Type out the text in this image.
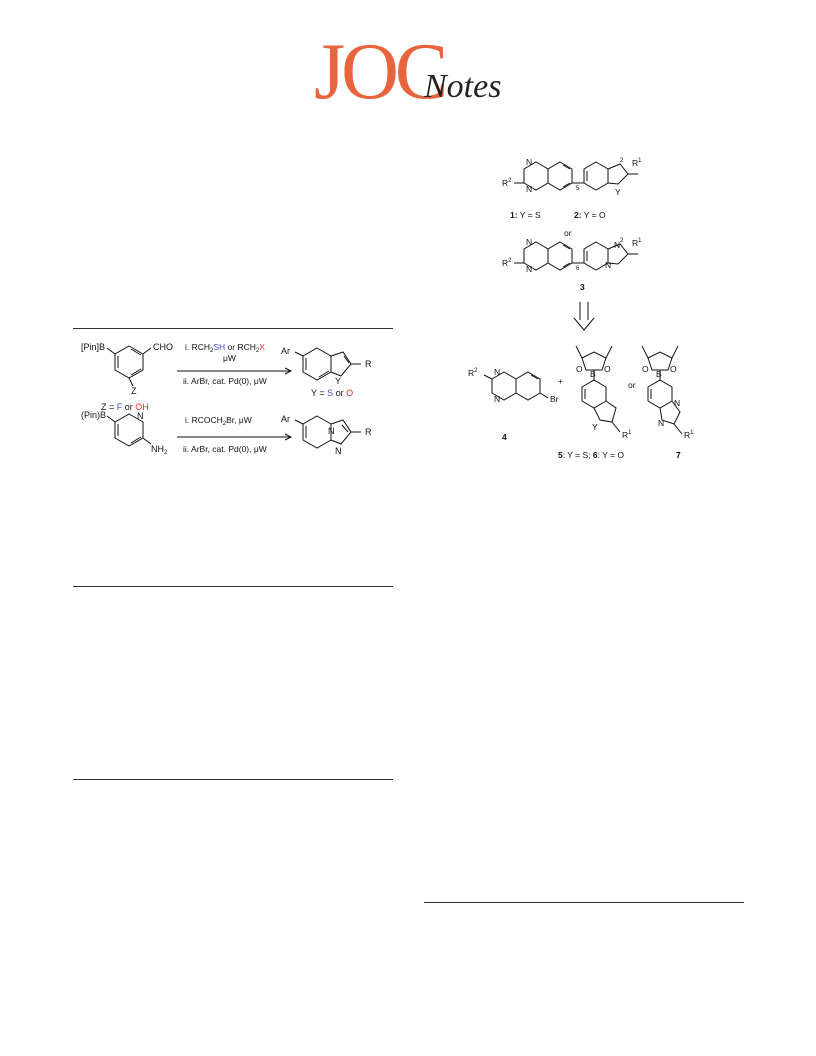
JOC
Notes
[Pin]B	CHO
Z
Z = F or OH
i. $RCH_2SH$ or $RCH_2X$
μW
ii. ArBr, cat. Pd(0), μW
Ar
Y
R
Y = S or O
(Pin)B	N
$NH_2$
i. $RCOCH_2Br$, μW
ii. ArBr, cat. Pd(0), μW
Ar
N
N
R
$R^2$
N
N	5
2 $R^1$
Y
1: Y = S	2: Y = O
or
$R^2$
N
N	6
2 $R^1$
N
N
3
$R^2$ N
N	Br
4
+
B
O	O
Y
$R^1$
or
B
O	O
N
N
$R^1$
5: Y = S; 6: Y = O	7
